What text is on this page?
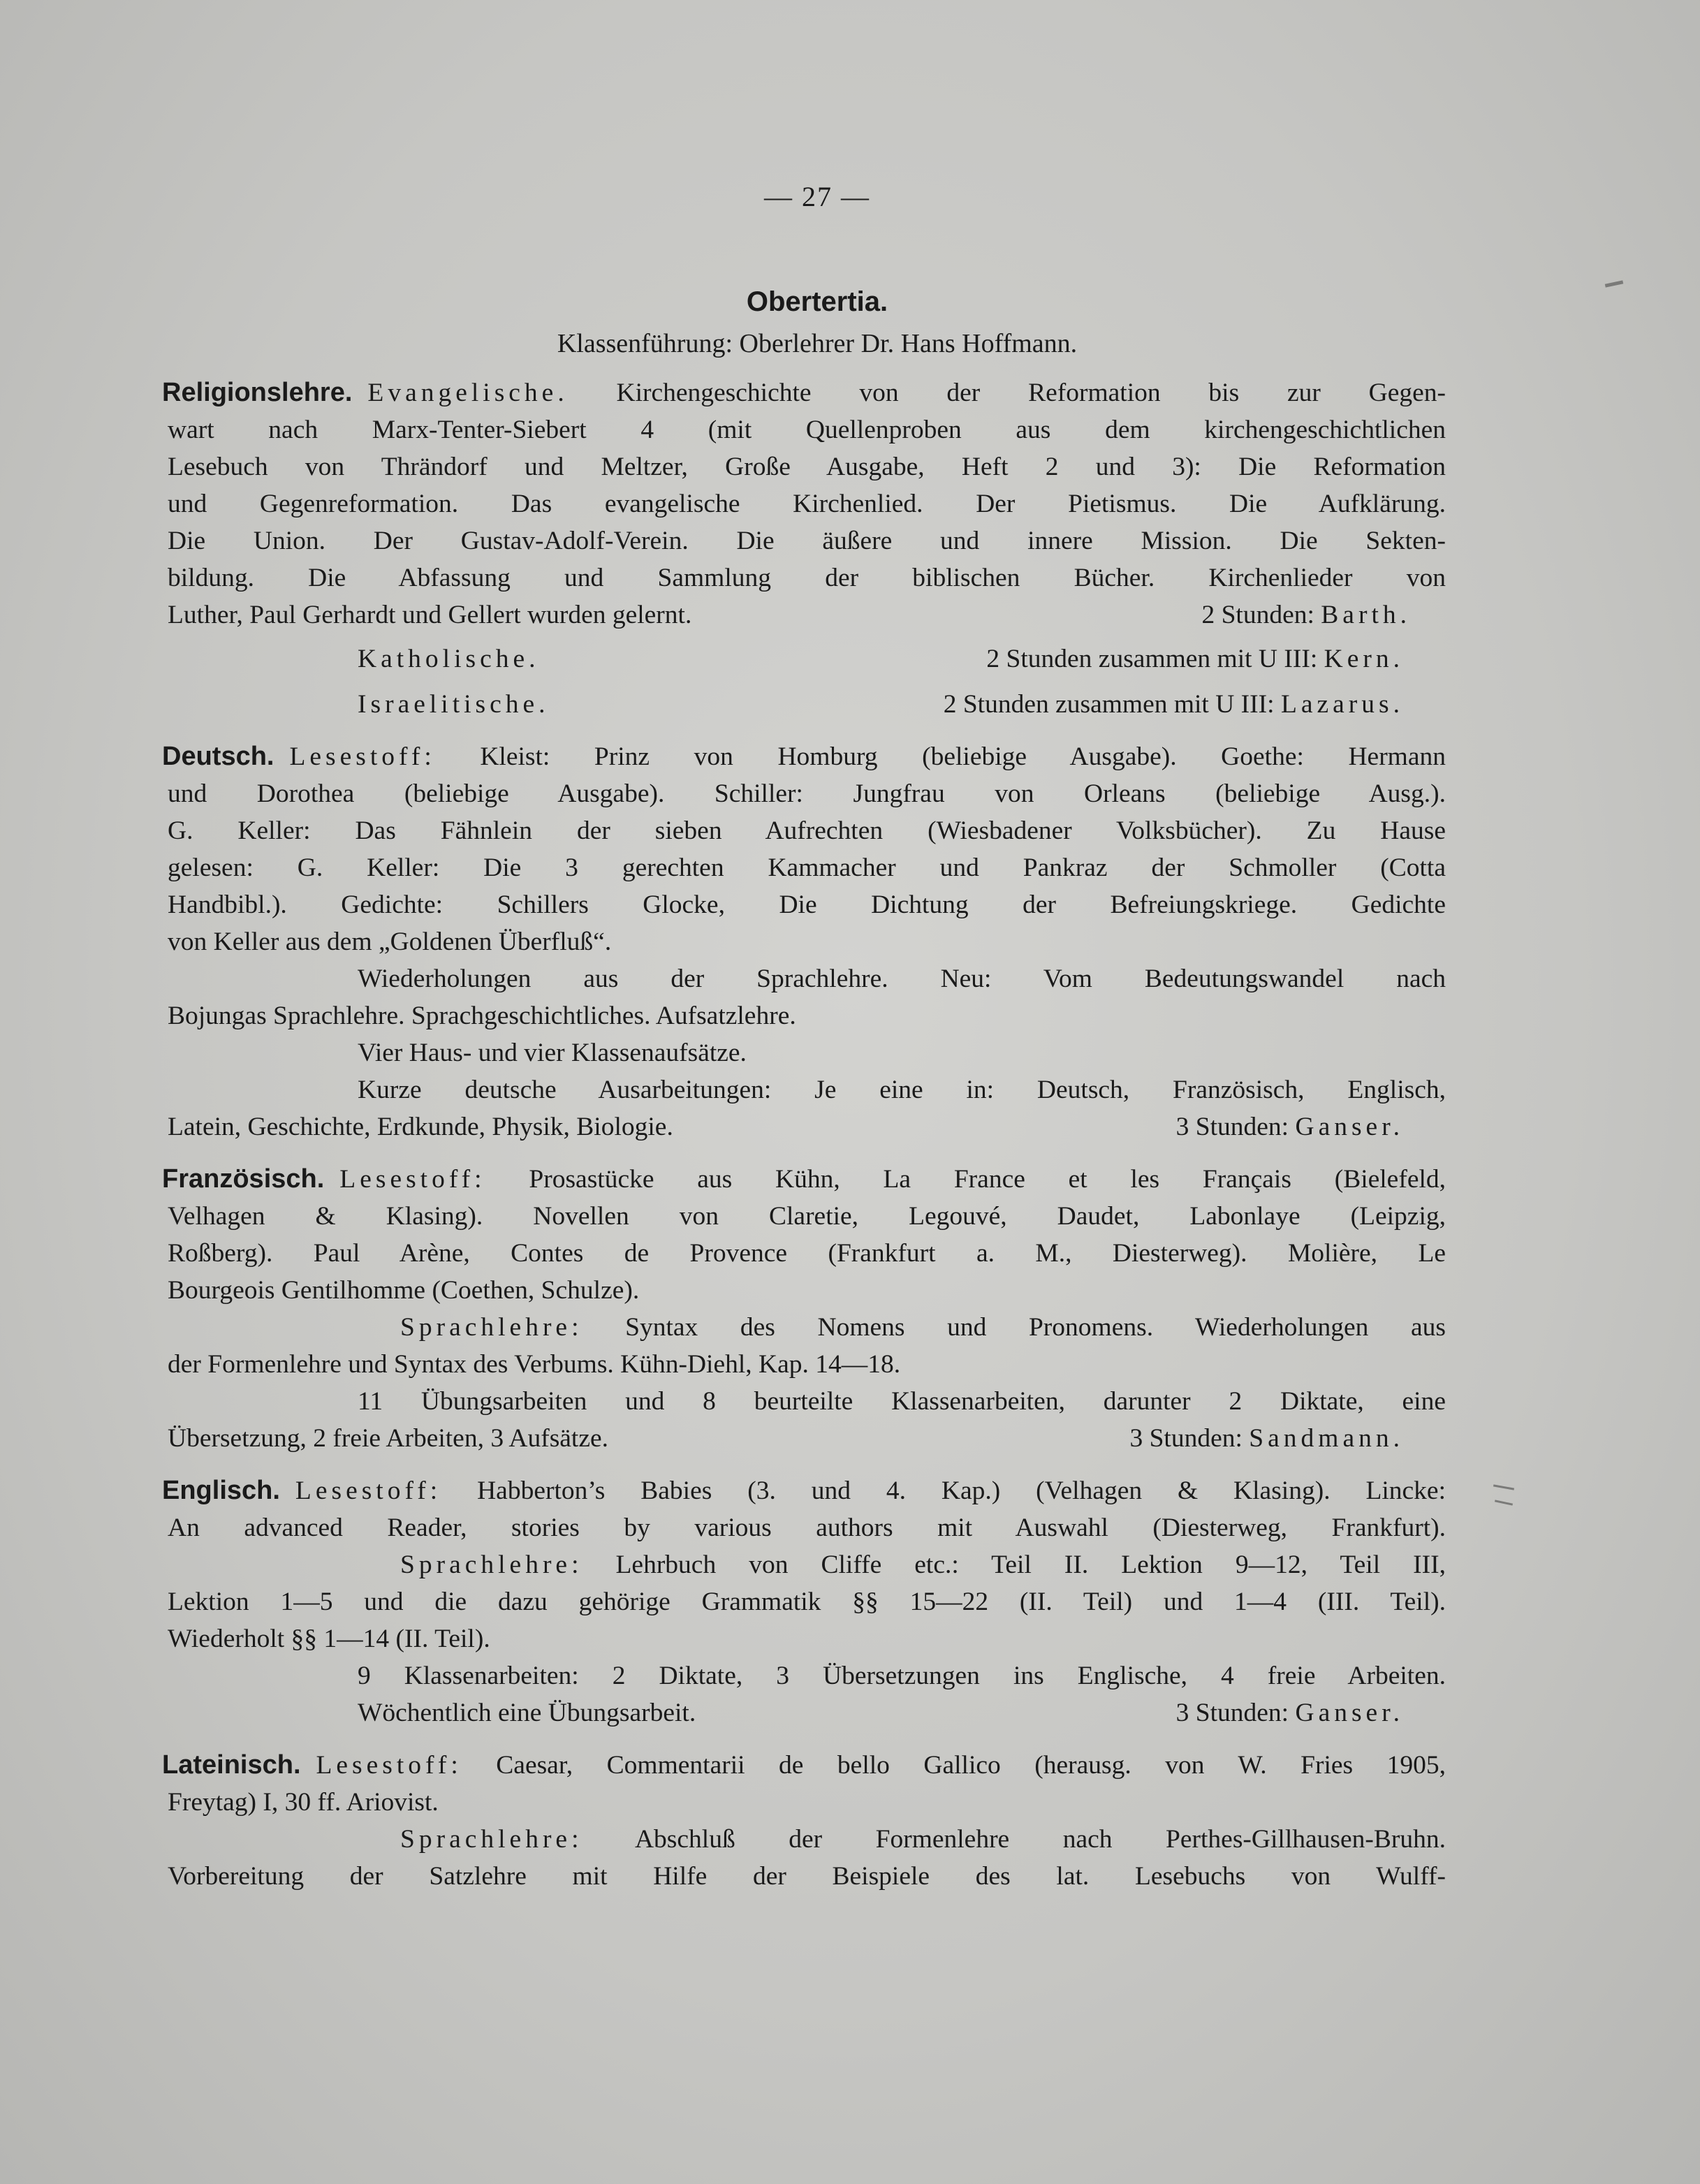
— 27 —
Obertertia.
Klassenführung: Oberlehrer Dr. Hans Hoffmann.
Religionslehre. Evangelische. Kirchengeschichte von der Reformation bis zur Gegen-
wart nach Marx-Tenter-Siebert 4 (mit Quellenproben aus dem kirchengeschichtlichen
Lesebuch von Thrändorf und Meltzer, Große Ausgabe, Heft 2 und 3): Die Reformation
und Gegenreformation. Das evangelische Kirchenlied. Der Pietismus. Die Aufklärung.
Die Union. Der Gustav-Adolf-Verein. Die äußere und innere Mission. Die Sekten-
bildung. Die Abfassung und Sammlung der biblischen Bücher. Kirchenlieder von
Luther, Paul Gerhardt und Gellert wurden gelernt.	2 Stunden: Barth.
Katholische.	2 Stunden zusammen mit U III: Kern.
Israelitische.	2 Stunden zusammen mit U III: Lazarus.
Deutsch. Lesestoff: Kleist: Prinz von Homburg (beliebige Ausgabe). Goethe: Hermann
und Dorothea (beliebige Ausgabe). Schiller: Jungfrau von Orleans (beliebige Ausg.).
G. Keller: Das Fähnlein der sieben Aufrechten (Wiesbadener Volksbücher). Zu Hause
gelesen: G. Keller: Die 3 gerechten Kammacher und Pankraz der Schmoller (Cotta
Handbibl.). Gedichte: Schillers Glocke, Die Dichtung der Befreiungskriege. Gedichte
von Keller aus dem „Goldenen Überfluß“.
Wiederholungen aus der Sprachlehre. Neu: Vom Bedeutungswandel nach
Bojungas Sprachlehre. Sprachgeschichtliches. Aufsatzlehre.
Vier Haus- und vier Klassenaufsätze.
Kurze deutsche Ausarbeitungen: Je eine in: Deutsch, Französisch, Englisch,
Latein, Geschichte, Erdkunde, Physik, Biologie.	3 Stunden: Ganser.
Französisch. Lesestoff: Prosastücke aus Kühn, La France et les Français (Bielefeld,
Velhagen & Klasing). Novellen von Claretie, Legouvé, Daudet, Labonlaye (Leipzig,
Roßberg). Paul Arène, Contes de Provence (Frankfurt a. M., Diesterweg). Molière, Le
Bourgeois Gentilhomme (Coethen, Schulze).
Sprachlehre: Syntax des Nomens und Pronomens. Wiederholungen aus
der Formenlehre und Syntax des Verbums. Kühn-Diehl, Kap. 14—18.
11 Übungsarbeiten und 8 beurteilte Klassenarbeiten, darunter 2 Diktate, eine
Übersetzung, 2 freie Arbeiten, 3 Aufsätze.	3 Stunden: Sandmann.
Englisch. Lesestoff: Habberton’s Babies (3. und 4. Kap.) (Velhagen & Klasing). Lincke:
An advanced Reader, stories by various authors mit Auswahl (Diesterweg, Frankfurt).
Sprachlehre: Lehrbuch von Cliffe etc.: Teil II. Lektion 9—12, Teil III,
Lektion 1—5 und die dazu gehörige Grammatik §§ 15—22 (II. Teil) und 1—4 (III. Teil).
Wiederholt §§ 1—14 (II. Teil).
9 Klassenarbeiten: 2 Diktate, 3 Übersetzungen ins Englische, 4 freie Arbeiten.
Wöchentlich eine Übungsarbeit.	3 Stunden: Ganser.
Lateinisch. Lesestoff: Caesar, Commentarii de bello Gallico (herausg. von W. Fries 1905,
Freytag) I, 30 ff. Ariovist.
Sprachlehre: Abschluß der Formenlehre nach Perthes-Gillhausen-Bruhn.
Vorbereitung der Satzlehre mit Hilfe der Beispiele des lat. Lesebuchs von Wulff-
